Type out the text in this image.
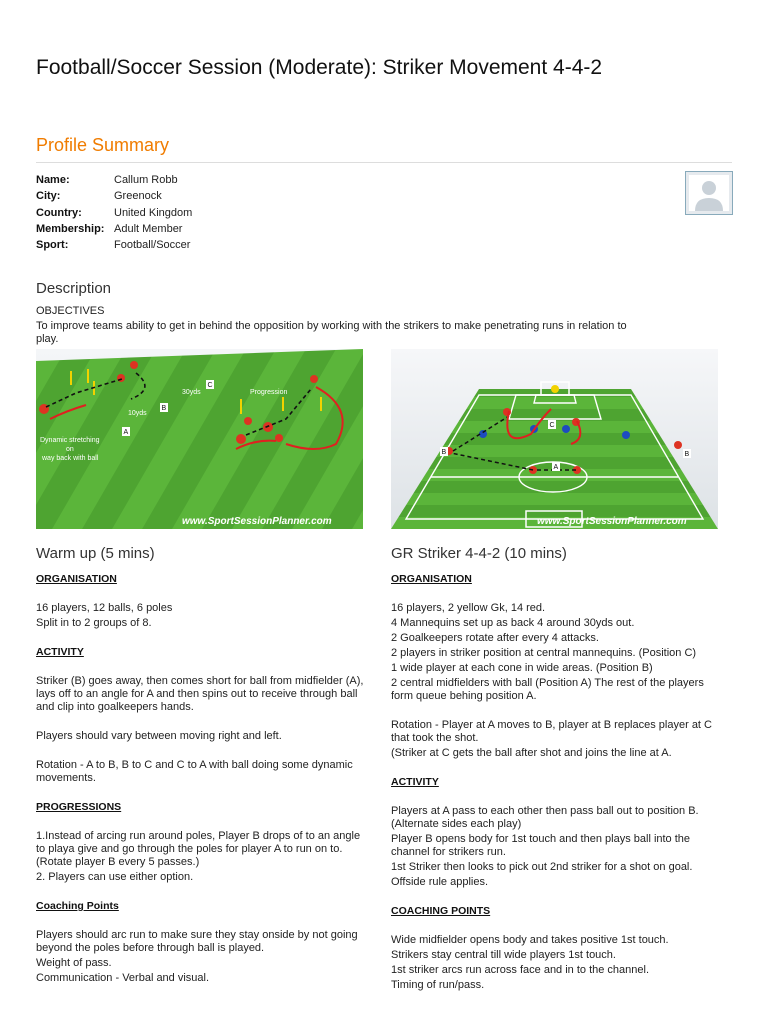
Football/Soccer Session (Moderate): Striker Movement 4-4-2
Profile Summary
Name:	Callum Robb
City:	Greenock
Country:	United Kingdom
Membership: Adult Member
Sport:	Football/Soccer
Description
OBJECTIVES
To improve teams ability to get in behind the opposition by working with the strikers to make penetrating runs in relation to play.
C
B
A
30yds
10yds
Progression
Dynamic stretching
on
way back with ball
www.SportSessionPlanner.com
C
B	B
A
www.SportSessionPlanner.com
Warm up (5 mins)
ORGANISATION

16 players, 12 balls, 6 poles

Split in to 2 groups of 8.

ACTIVITY

Striker (B) goes away, then comes short for ball from midfielder (A), lays off to an angle for A and then spins out to receive through ball and clip into goalkeepers hands.

Players should vary between moving right and left.

Rotation - A to B, B to C and C to A with ball doing some dynamic movements.

PROGRESSIONS

1.Instead of arcing run around poles, Player B drops of to an angle to playa give and go through the poles for player A to run on to. (Rotate player B every 5 passes.)

2. Players can use either option.

Coaching Points

Players should arc run to make sure they stay onside by not going beyond the poles before through ball is played.

Weight of pass.

Communication - Verbal and visual.

GR Striker 4-4-2 (10 mins)
ORGANISATION

16 players, 2 yellow Gk, 14 red.

4 Mannequins set up as back 4 around 30yds out.

2 Goalkeepers rotate after every 4 attacks.

2 players in striker position at central mannequins. (Position C)

1 wide player at each cone in wide areas. (Position B)

2 central midfielders with ball (Position A) The rest of the players form queue behing position A.

Rotation - Player at A moves to B, player at B replaces player at C that took the shot.

(Striker at C gets the ball after shot and joins the line at A.

ACTIVITY

Players at A pass to each other then pass ball out to position B. (Alternate sides each play)

Player B opens body for 1st touch and then plays ball into the channel for strikers run.

1st Striker then looks to pick out 2nd striker for a shot on goal.

Offside rule applies.

COACHING POINTS

Wide midfielder opens body and takes positive 1st touch.

Strikers stay central till wide players 1st touch.

1st striker arcs run across face and in to the channel.

Timing of run/pass.
